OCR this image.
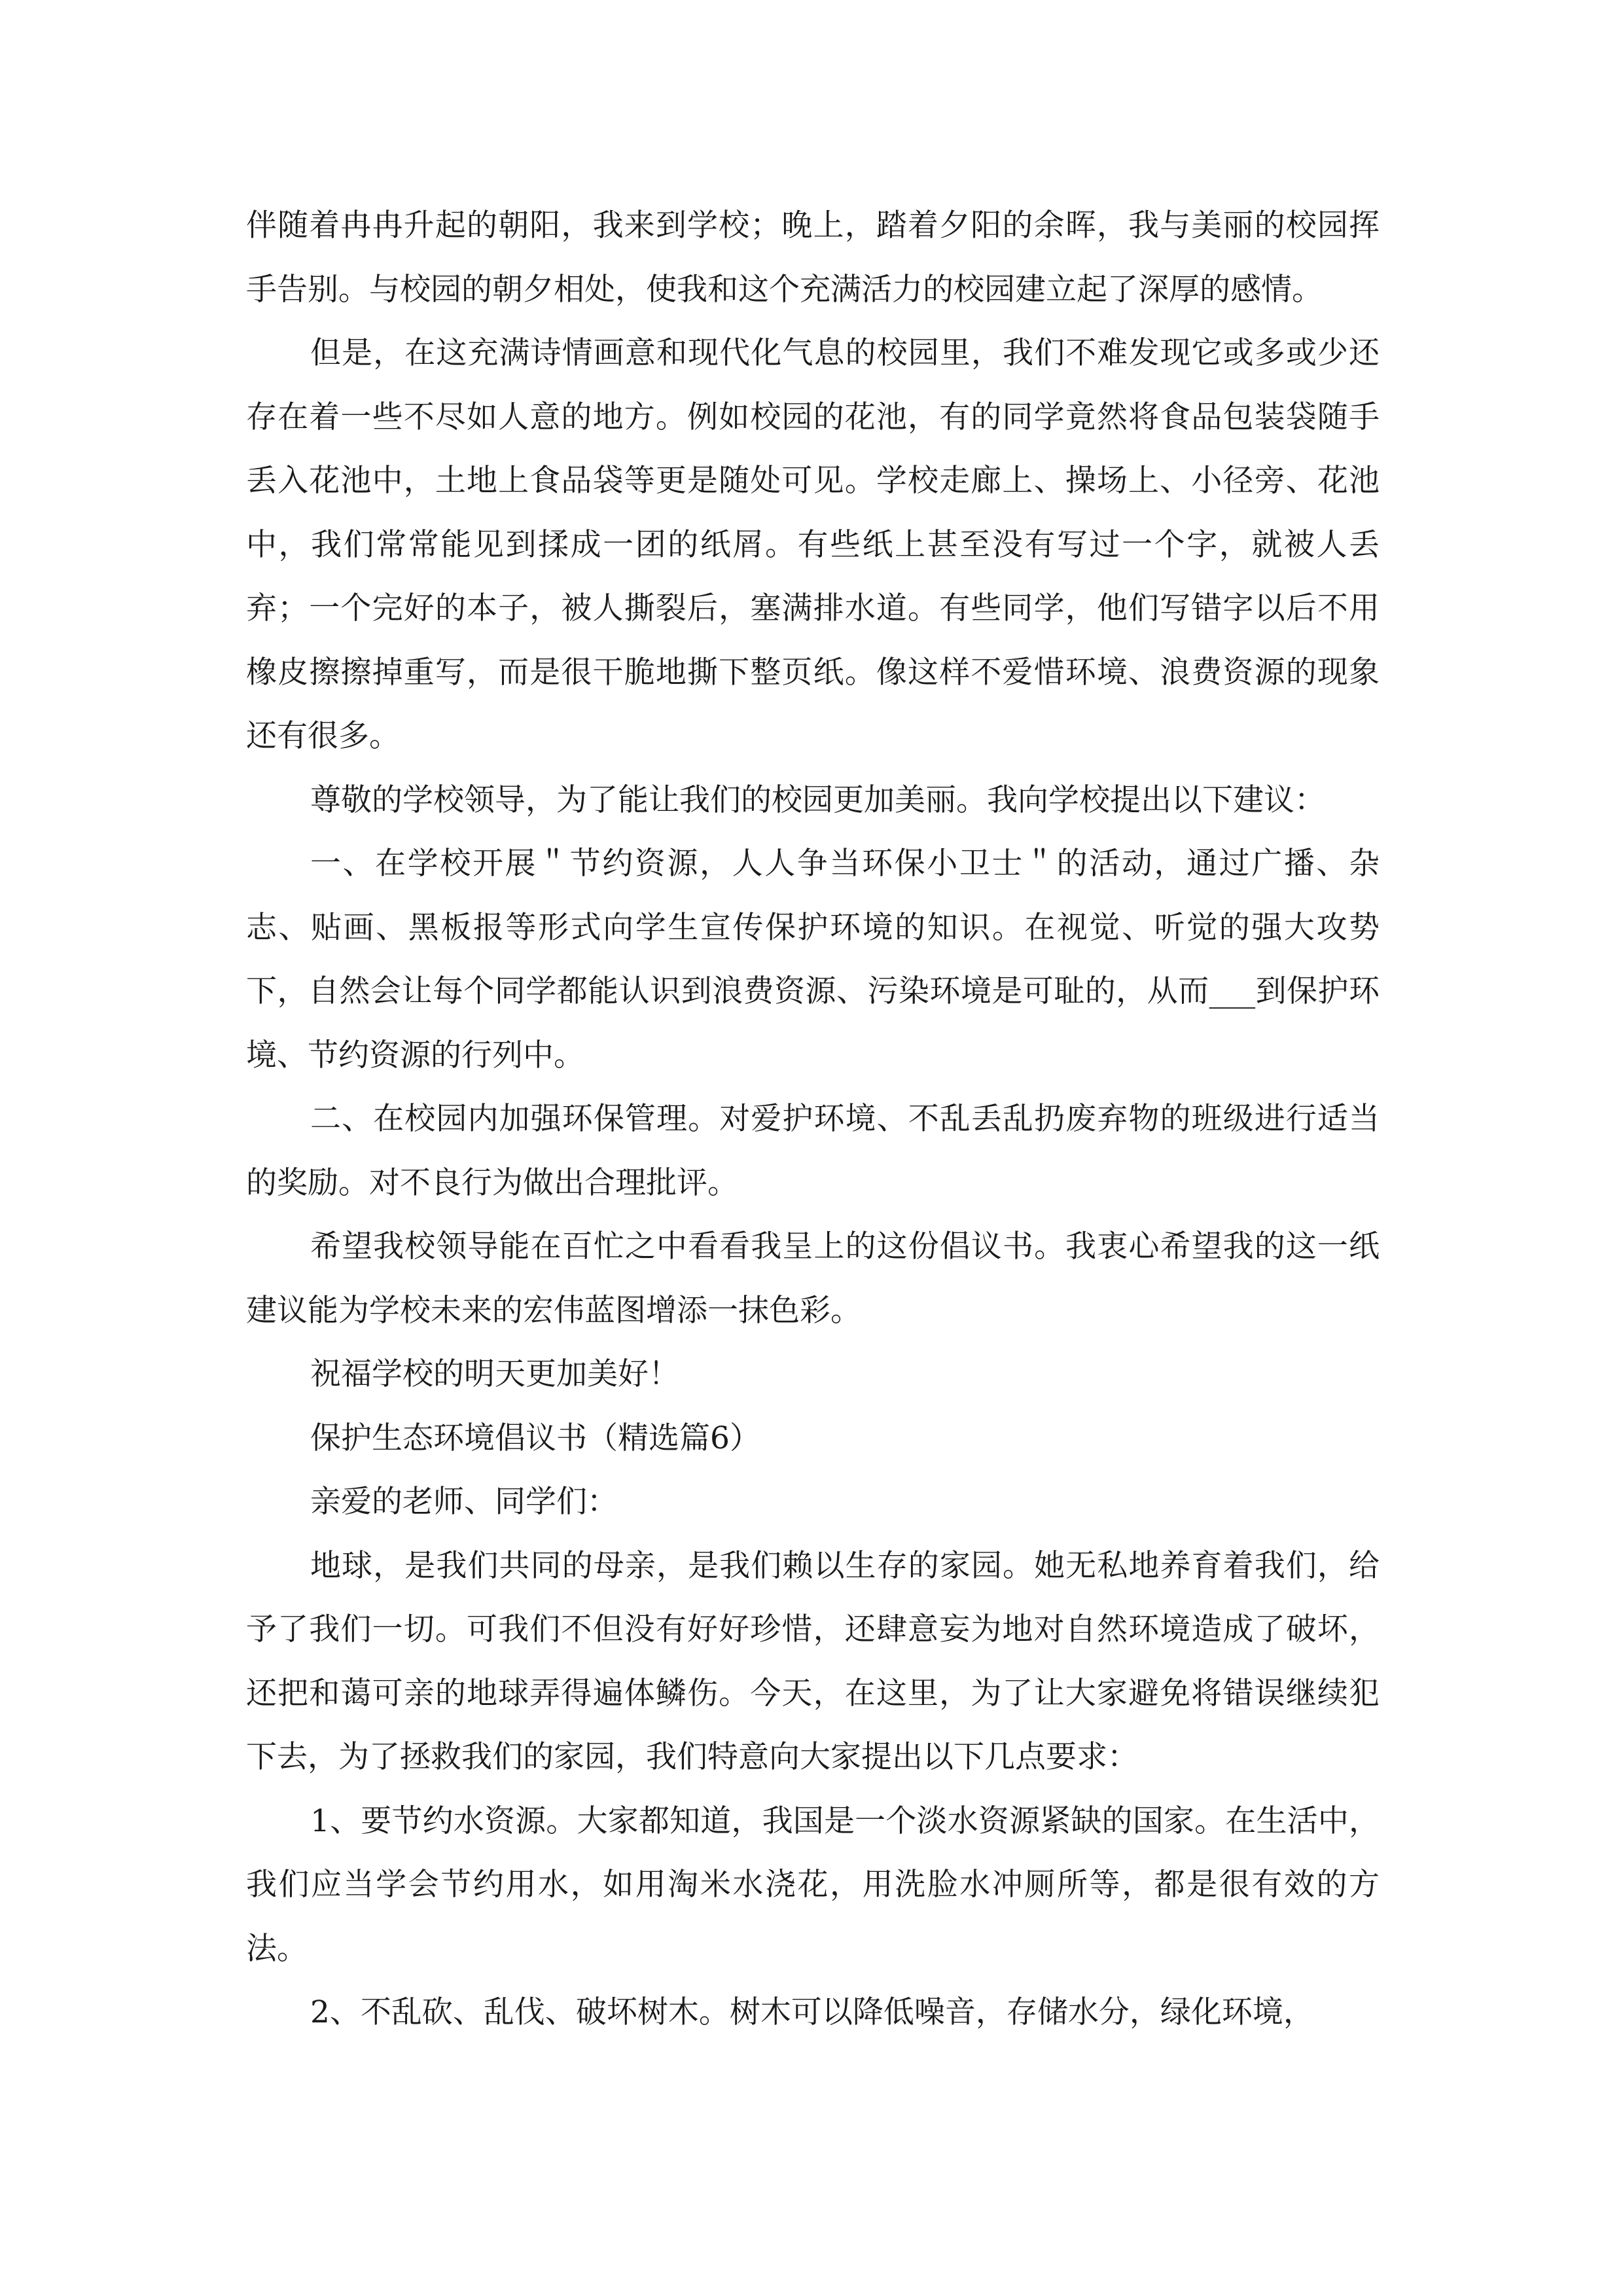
伴随着冉冉升起的朝阳，我来到学校；晚上，踏着夕阳的余晖，我与美丽的校园挥手告别。与校园的朝夕相处，使我和这个充满活力的校园建立起了深厚的感情。

但是，在这充满诗情画意和现代化气息的校园里，我们不难发现它或多或少还存在着一些不尽如人意的地方。例如校园的花池，有的同学竟然将食品包装袋随手丢入花池中，土地上食品袋等更是随处可见。学校走廊上、操场上、小径旁、花池中，我们常常能见到揉成一团的纸屑。有些纸上甚至没有写过一个字，就被人丢弃；一个完好的本子，被人撕裂后，塞满排水道。有些同学，他们写错字以后不用橡皮擦擦掉重写，而是很干脆地撕下整页纸。像这样不爱惜环境、浪费资源的现象还有很多。

尊敬的学校领导，为了能让我们的校园更加美丽。我向学校提出以下建议：

一、在学校开展＂节约资源，人人争当环保小卫士＂的活动，通过广播、杂志、贴画、黑板报等形式向学生宣传保护环境的知识。在视觉、听觉的强大攻势下，自然会让每个同学都能认识到浪费资源、污染环境是可耻的，从而___到保护环境、节约资源的行列中。

二、在校园内加强环保管理。对爱护环境、不乱丢乱扔废弃物的班级进行适当的奖励。对不良行为做出合理批评。

希望我校领导能在百忙之中看看我呈上的这份倡议书。我衷心希望我的这一纸建议能为学校未来的宏伟蓝图增添一抹色彩。

祝福学校的明天更加美好！

保护生态环境倡议书（精选篇6）

亲爱的老师、同学们：

地球，是我们共同的母亲，是我们赖以生存的家园。她无私地养育着我们，给予了我们一切。可我们不但没有好好珍惜，还肆意妄为地对自然环境造成了破坏，还把和蔼可亲的地球弄得遍体鳞伤。今天，在这里，为了让大家避免将错误继续犯下去，为了拯救我们的家园，我们特意向大家提出以下几点要求：

1、要节约水资源。大家都知道，我国是一个淡水资源紧缺的国家。在生活中，我们应当学会节约用水，如用淘米水浇花，用洗脸水冲厕所等，都是很有效的方法。

2、不乱砍、乱伐、破坏树木。树木可以降低噪音，存储水分，绿化环境，
